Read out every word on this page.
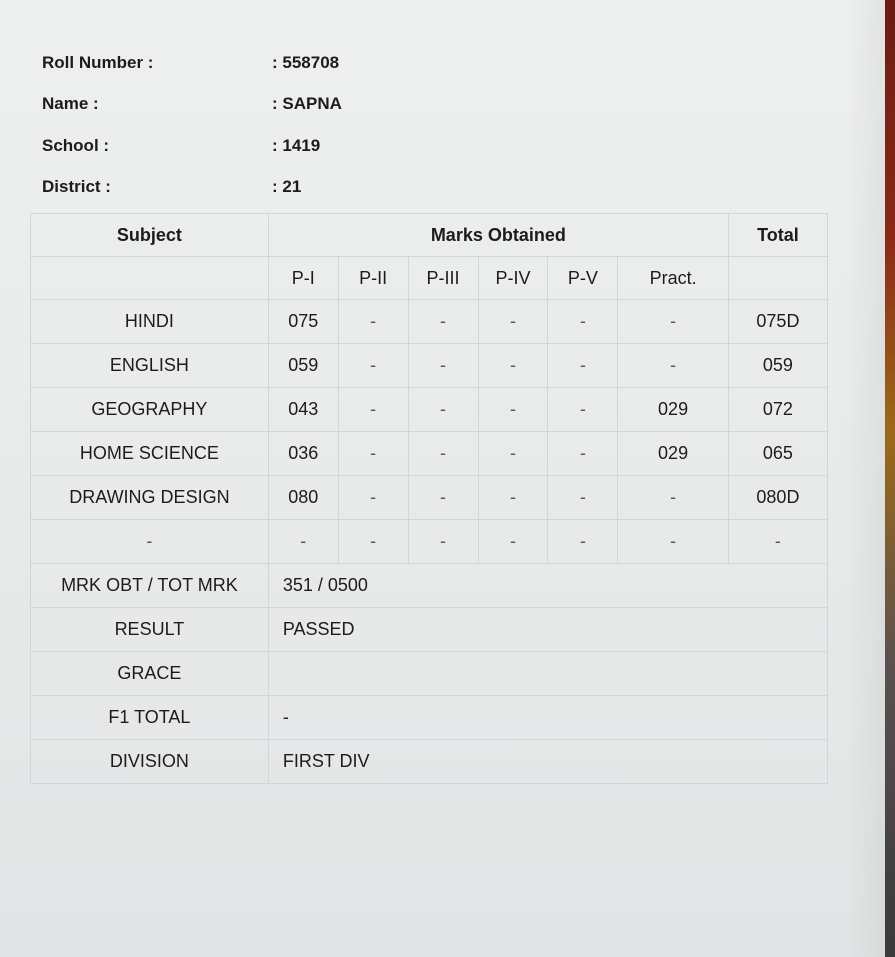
Roll Number :	: 558708
Name :	: SAPNA
School :	: 1419
District :	: 21
Subject	Marks Obtained						Total
	P-I	P-II	P-III	P-IV	P-V	Pract.	
HINDI	075	-	-	-	-	-	075D
ENGLISH	059	-	-	-	-	-	059
GEOGRAPHY	043	-	-	-	-	029	072
HOME SCIENCE	036	-	-	-	-	029	065
DRAWING DESIGN	080	-	-	-	-	-	080D
-	-	-	-	-	-	-	-
MRK OBT / TOT MRK	351 / 0500						
RESULT	PASSED						
GRACE							
F1 TOTAL	-						
DIVISION	FIRST DIV						
